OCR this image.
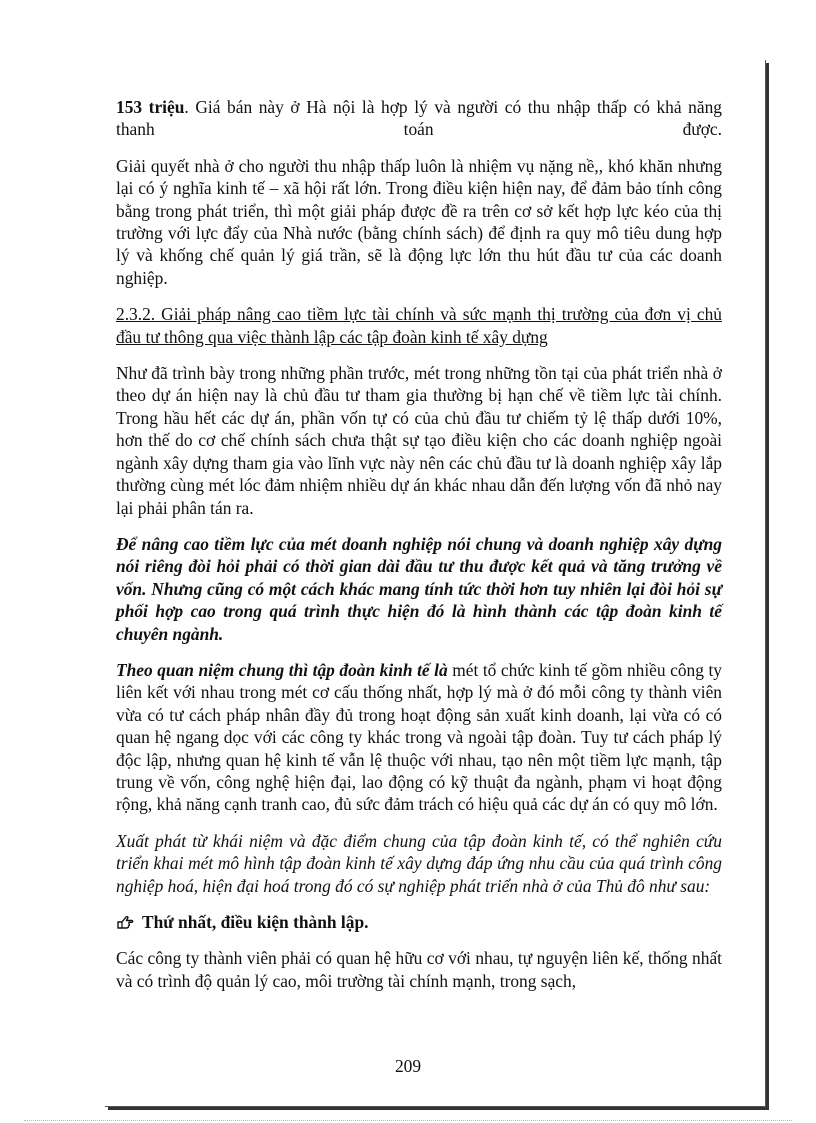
153 triệu. Giá bán này ở Hà nội là hợp lý và người có thu nhập thấp có khả năng thanh toán được.

Giải quyết nhà ở cho người thu nhập thấp luôn là nhiệm vụ nặng nề,, khó khăn nhưng lại có ý nghĩa kinh tế – xã hội rất lớn. Trong điều kiện hiện nay, để đảm bảo tính công bằng trong phát triển, thì một giải pháp được đề ra trên cơ sở kết hợp lực kéo của thị trường với lực đẩy của Nhà nước (bằng chính sách) để định ra quy mô tiêu dung hợp lý và khống chế quản lý giá trần, sẽ là động lực lớn thu hút đầu tư của các doanh nghiệp.

2.3.2. Giải pháp nâng cao tiềm lực tài chính và sức mạnh thị trường của đơn vị chủ đầu tư thông qua việc thành lập các tập đoàn kinh tế xây dựng

Như đã trình bày trong những phần trước, mét trong những tồn tại của phát triển nhà ở theo dự án hiện nay là chủ đầu tư tham gia thường bị hạn chế về tiềm lực tài chính. Trong hầu hết các dự án, phần vốn tự có của chủ đầu tư chiếm tỷ lệ thấp dưới 10%, hơn thế do cơ chế chính sách chưa thật sự tạo điều kiện cho các doanh nghiệp ngoài ngành xây dựng tham gia vào lĩnh vực này nên các chủ đầu tư là doanh nghiệp xây lắp thường cùng mét lóc đảm nhiệm nhiều dự án khác nhau dẫn đến lượng vốn đã nhỏ nay lại phải phân tán ra.

Để nâng cao tiềm lực của mét doanh nghiệp nói chung và doanh nghiệp xây dựng nói riêng đòi hỏi phải có thời gian dài đầu tư thu được kết quả và tăng trưởng về vốn. Nhưng cũng có một cách khác mang tính tức thời hơn tuy nhiên lại đòi hỏi sự phối hợp cao trong quá trình thực hiện đó là hình thành các tập đoàn kinh tế chuyên ngành.

Theo quan niệm chung thì tập đoàn kinh tế là mét tổ chức kinh tế gồm nhiều công ty liên kết với nhau trong mét cơ cấu thống nhất, hợp lý mà ở đó mỗi công ty thành viên vừa có tư cách pháp nhân đầy đủ trong hoạt động sản xuất kinh doanh, lại vừa có có quan hệ ngang dọc với các công ty khác trong và ngoài tập đoàn. Tuy tư cách pháp lý độc lập, nhưng quan hệ kinh tế vẫn lệ thuộc với nhau, tạo nên một tiềm lực mạnh, tập trung về vốn, công nghệ hiện đại, lao động có kỹ thuật đa ngành, phạm vi hoạt động rộng, khả năng cạnh tranh cao, đủ sức đảm trách có hiệu quả các dự án có quy mô lớn.

Xuất phát từ khái niệm và đặc điểm chung của tập đoàn kinh tế, có thể nghiên cứu triển khai mét mô hình tập đoàn kinh tế xây dựng đáp ứng nhu cầu của quá trình công nghiệp hoá, hiện đại hoá trong đó có sự nghiệp phát triển nhà ở của Thủ đô như sau:

Thứ nhất, điều kiện thành lập.

Các công ty thành viên phải có quan hệ hữu cơ với nhau, tự nguyện liên kế, thống nhất và có trình độ quản lý cao, môi trường tài chính mạnh, trong sạch,

209
